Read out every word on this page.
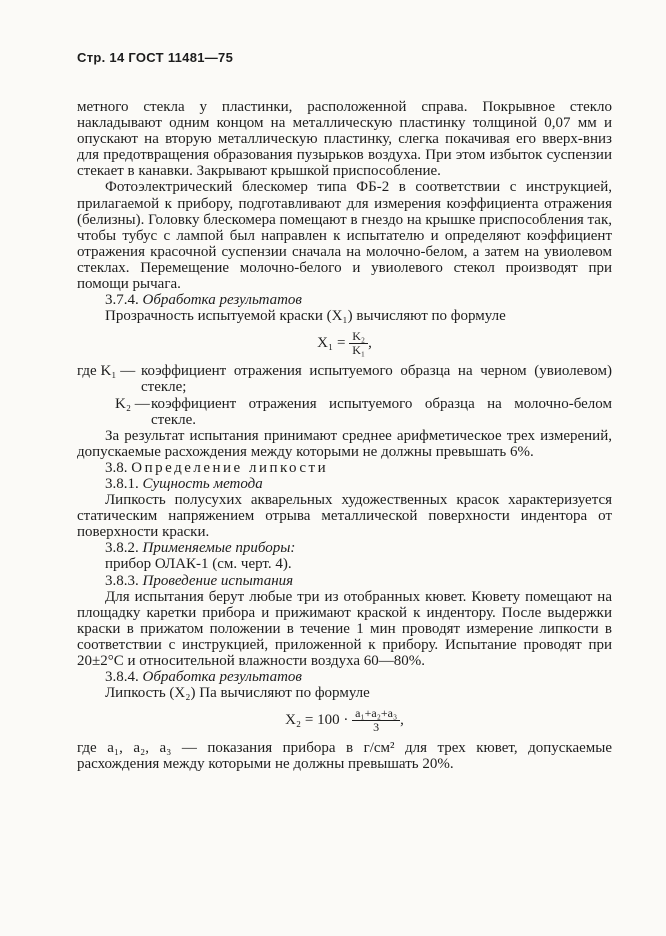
Стр. 14 ГОСТ 11481—75

метного стекла у пластинки, расположенной справа. Покрывное стекло накладывают одним концом на металлическую пластинку толщиной 0,07 мм и опускают на вторую металлическую пластинку, слегка покачивая его вверх-вниз для предотвращения образования пузырьков воздуха. При этом избыток суспензии стекает в канавки. Закрывают крышкой приспособление.

Фотоэлектрический блескомер типа ФБ-2 в соответствии с инструкцией, прилагаемой к прибору, подготавливают для измерения коэффициента отражения (белизны). Головку блескомера помещают в гнездо на крышке приспособления так, чтобы тубус с лампой был направлен к испытателю и определяют коэффициент отражения красочной суспензии сначала на молочно-белом, а затем на увиолевом стеклах. Перемещение молочно-белого и увиолевого стекол производят при помощи рычага.

3.7.4. Обработка результатов

Прозрачность испытуемой краски (X₁) вычисляют по формуле

$X_1 = \frac{\text{K₂}}{\text{K₁}}$ ,
где K₁ — коэффициент отражения испытуемого образца на черном (увиолевом) стекле;
K₂ — коэффициент отражения испытуемого образца на молочно-белом стекле.

За результат испытания принимают среднее арифметическое трех измерений, допускаемые расхождения между которыми не должны превышать 6%.

3.8. Определение липкости

3.8.1. Сущность метода

Липкость полусухих акварельных художественных красок характеризуется статическим напряжением отрыва металлической поверхности индентора от поверхности краски.

3.8.2. Применяемые приборы:

прибор ОЛАК-1 (см. черт. 4).

3.8.3. Проведение испытания

Для испытания берут любые три из отобранных кювет. Кювету помещают на площадку каретки прибора и прижимают краской к индентору. После выдержки краски в прижатом положении в течение 1 мин проводят измерение липкости в соответствии с инструкцией, приложенной к прибору. Испытание проводят при 20±2°С и относительной влажности воздуха 60—80%.

3.8.4. Обработка результатов

Липкость (X₂) Па вычисляют по формуле

$X_2 = 100 \cdot \frac{\text{a₁+a₂+a₃}}{3}$ ,

где a₁, a₂, a₃ — показания прибора в г/см² для трех кювет, допускаемые расхождения между которыми не должны превышать 20%.
